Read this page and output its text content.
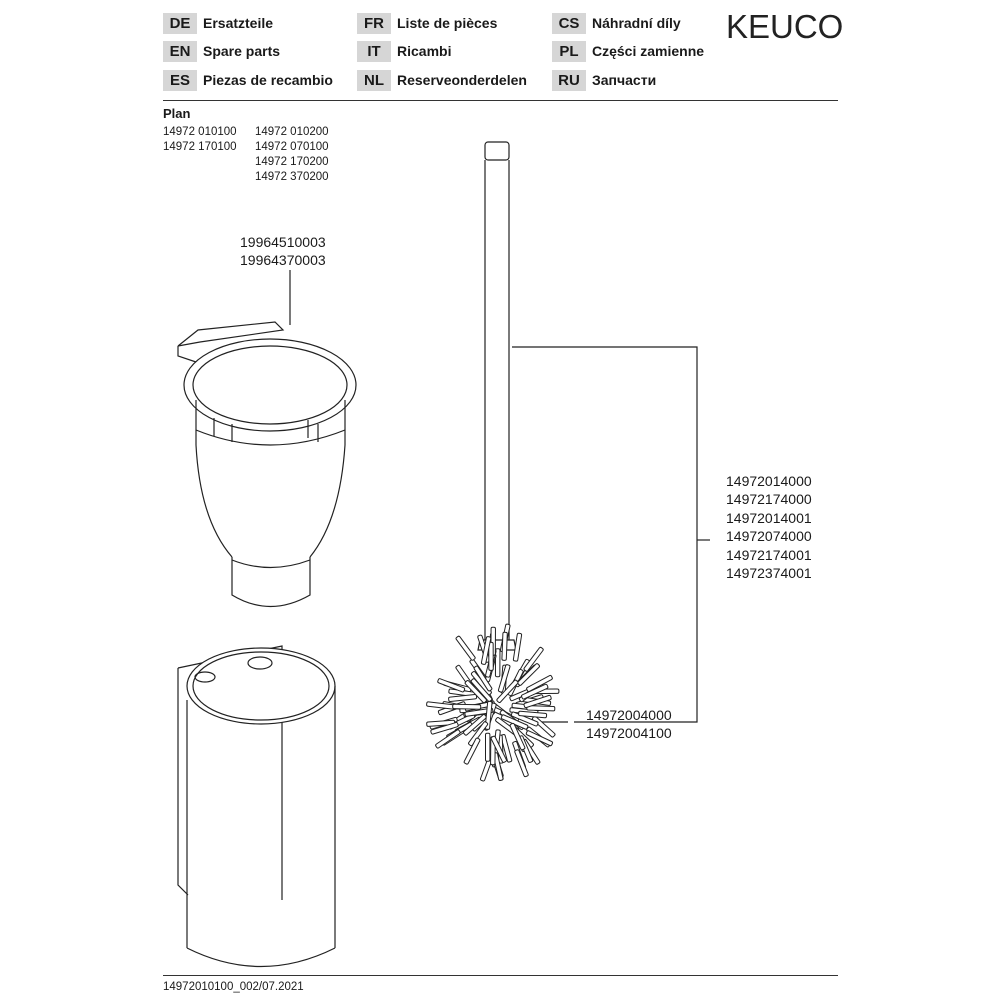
DE Ersatzteile
EN Spare parts
ES Piezas de recambio
FR Liste de pièces
IT	Ricambi
NL Reserveonderdelen
CS Náhradní díly
PL Części zamienne
RU Запчасти
KEUCO
Plan
14972 010100
14972 170100
14972 010200
14972 070100
14972 170200
14972 370200
19964510003
19964370003
14972014000
14972174000
14972014001
14972074000
14972174001
14972374001
14972004000
14972004100
14972010100_002/07.2021
